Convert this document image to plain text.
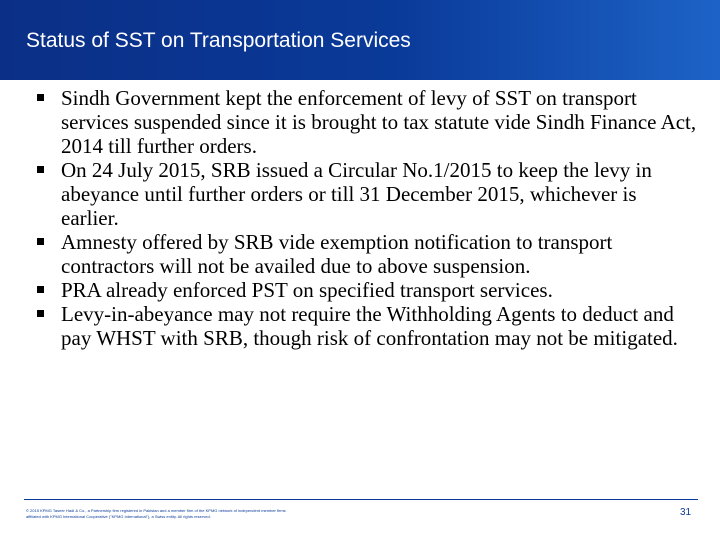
Status of SST on Transportation Services
Sindh Government kept the enforcement of levy of SST on transport services suspended since it is brought to tax statute vide Sindh Finance Act, 2014 till further orders.
On 24 July 2015, SRB issued a Circular No.1/2015 to keep the levy in abeyance until further orders or till 31 December 2015, whichever is earlier.
Amnesty offered by SRB vide exemption notification to transport contractors will not be availed due to above suspension.
PRA already enforced PST on specified transport services.
Levy-in-abeyance may not require the Withholding Agents to deduct and pay WHST with SRB, though risk of confrontation may not be mitigated.
© 2015 KPMG Taseer Hadi & Co., a Partnership firm registered in Pakistan and a member firm of the KPMG network of independent member firms affiliated with KPMG International Cooperative ("KPMG International"), a Swiss entity. All rights reserved.	31
